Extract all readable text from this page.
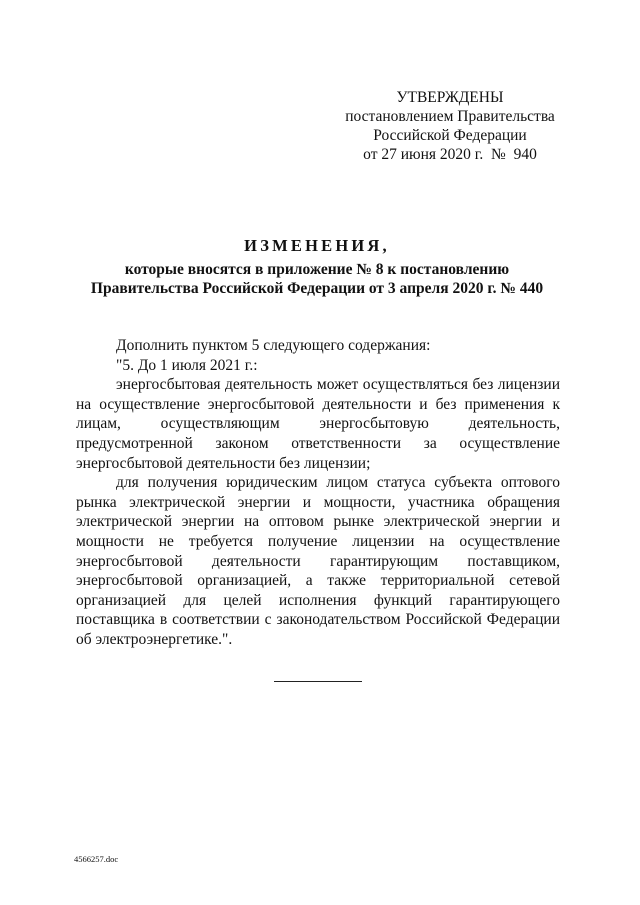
УТВЕРЖДЕНЫ
постановлением Правительства
Российской Федерации
от 27 июня 2020 г.  №  940
ИЗМЕНЕНИЯ,
которые вносятся в приложение № 8 к постановлению
Правительства Российской Федерации от 3 апреля 2020 г. № 440

Дополнить пунктом 5 следующего содержания:

"5. До 1 июля 2021 г.:

энергосбытовая деятельность может осуществляться без лицензии на осуществление энергосбытовой деятельности и без применения к лицам, осуществляющим энергосбытовую деятельность, предусмотренной законом ответственности за осуществление энергосбытовой деятельности без лицензии;

для получения юридическим лицом статуса субъекта оптового рынка электрической энергии и мощности, участника обращения электрической энергии на оптовом рынке электрической энергии и мощности не требуется получение лицензии на осуществление энергосбытовой деятельности гарантирующим поставщиком, энергосбытовой организацией, а также территориальной сетевой организацией для целей исполнения функций гарантирующего поставщика в соответствии с законодательством Российской Федерации об электроэнергетике.".

4566257.doc
